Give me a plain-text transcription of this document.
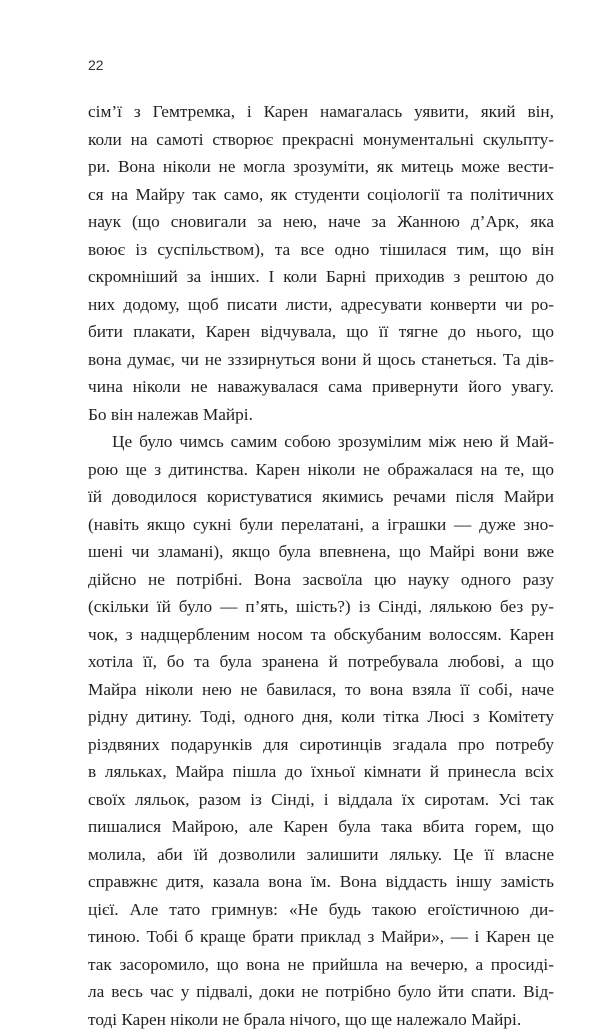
22
сім’ї з Гемтремка, і Карен намагалась уявити, який він,
коли на самоті створює прекрасні монументальні скульпту-
ри. Вона ніколи не могла зрозуміти, як митець може вести-
ся на Майру так само, як студенти соціології та політичних
наук (що сновигали за нею, наче за Жанною д’Арк, яка
воює із суспільством), та все одно тішилася тим, що він
скромніший за інших. І коли Барні приходив з рештою до
них додому, щоб писати листи, адресувати конверти чи ро-
бити плакати, Карен відчувала, що її тягне до нього, що
вона думає, чи не зззирнуться вони й щось станеться. Та дів-
чина ніколи не наважувалася сама привернути його увагу.
Бо він належав Майрі.
Це було чимсь самим собою зрозумілим між нею й Май-
рою ще з дитинства. Карен ніколи не ображалася на те, що
їй доводилося користуватися якимись речами після Майри
(навіть якщо сукні були перелатані, а іграшки — дуже зно-
шені чи зламані), якщо була впевнена, що Майрі вони вже
дійсно не потрібні. Вона засвоїла цю науку одного разу
(скільки їй було — п’ять, шість?) із Сінді, лялькою без ру-
чок, з надщербленим носом та обскубаним волоссям. Карен
хотіла її, бо та була зранена й потребувала любові, а що
Майра ніколи нею не бавилася, то вона взяла її собі, наче
рідну дитину. Тоді, одного дня, коли тітка Люсі з Комітету
різдвяних подарунків для сиротинців згадала про потребу
в ляльках, Майра пішла до їхньої кімнати й принесла всіх
своїх ляльок, разом із Сінді, і віддала їх сиротам. Усі так
пишалися Майрою, але Карен була така вбита горем, що
молила, аби їй дозволили залишити ляльку. Це її власне
справжнє дитя, казала вона їм. Вона віддасть іншу замість
цієї. Але тато гримнув: «Не будь такою егоїстичною ди-
тиною. Тобі б краще брати приклад з Майри», — і Карен це
так засоромило, що вона не прийшла на вечерю, а просиді-
ла весь час у підвалі, доки не потрібно було йти спати. Від-
тоді Карен ніколи не брала нічого, що ще належало Майрі.
